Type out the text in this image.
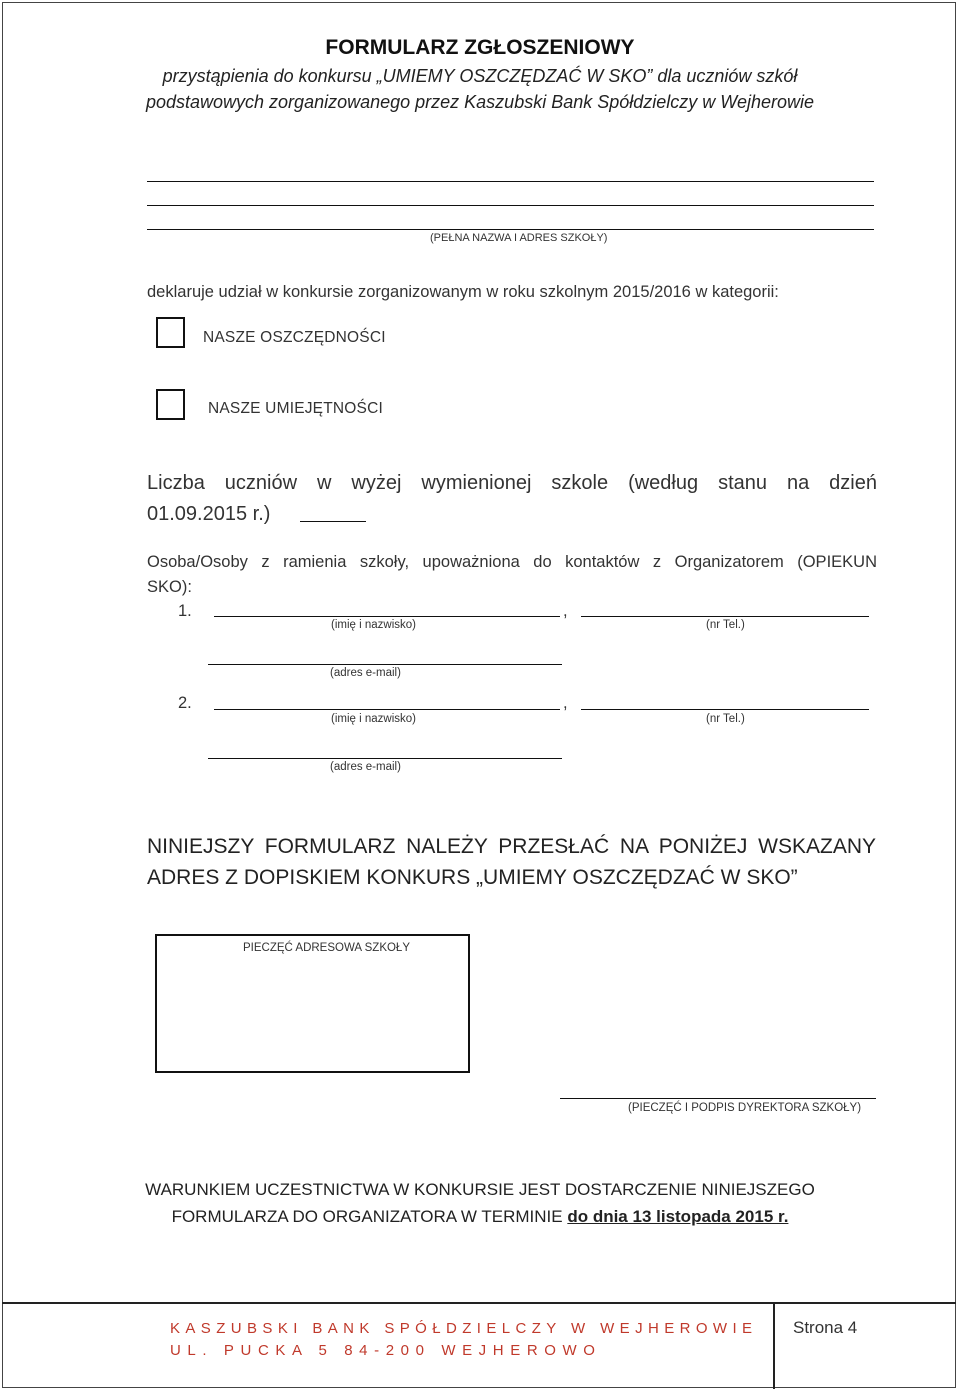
FORMULARZ ZGŁOSZENIOWY
przystąpienia do konkursu „UMIEMY OSZCZĘDZAĆ W SKO” dla uczniów szkół
podstawowych zorganizowanego przez Kaszubski Bank Spółdzielczy w Wejherowie
(PEŁNA NAZWA I ADRES SZKOŁY)
deklaruje udział w konkursie zorganizowanym w roku szkolnym 2015/2016 w kategorii:
NASZE OSZCZĘDNOŚCI
NASZE UMIEJĘTNOŚCI
Liczba uczniów w wyżej wymienionej szkole (według stanu na dzień
01.09.2015 r.)
Osoba/Osoby z ramienia szkoły, upoważniona do kontaktów z Organizatorem (OPIEKUN
SKO):
1.	,
(imię i nazwisko)	(nr Tel.)
(adres e-mail)
2.	,
(imię i nazwisko)	(nr Tel.)
(adres e-mail)
NINIEJSZY FORMULARZ NALEŻY PRZESŁAĆ NA PONIŻEJ WSKAZANY
ADRES Z DOPISKIEM KONKURS „UMIEMY OSZCZĘDZAĆ W SKO”
PIECZĘĆ ADRESOWA SZKOŁY
(PIECZĘĆ I PODPIS DYREKTORA SZKOŁY)
WARUNKIEM UCZESTNICTWA W KONKURSIE JEST DOSTARCZENIE NINIEJSZEGO
FORMULARZA DO ORGANIZATORA W TERMINIE do dnia 13 listopada 2015 r.
KASZUBSKI BANK SPÓŁDZIELCZY W WEJHEROWIE
UL. PUCKA 5 84-200 WEJHEROWO
Strona 4
